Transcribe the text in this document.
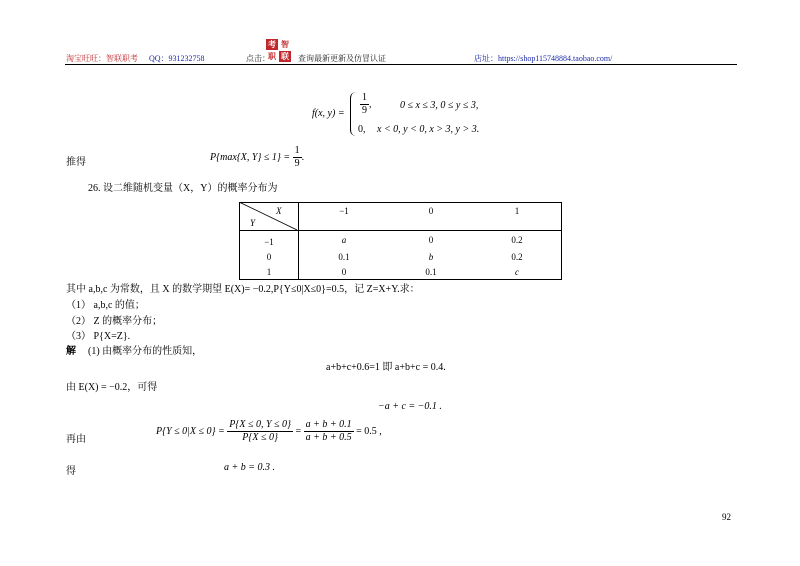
淘宝旺旺：智联职考 QQ：931232758	点击：
考 智
职 联 查询最新更新及仿冒认证	店址：https://shop115748884.taobao.com/
f(x, $y) = \frac{1}{9}$ ,	0 ≤ x ≤ 3, 0 ≤ y ≤ 3,
0, x < 0, y < 0, x > 3, y > 3.
推得	P{max{X, $Y\} \le 1\} = \frac{1}{9}$ .
26. 设二维随机变量（X，Y）的概率分布为
X
Y	−1	0	1
−1	a	0	0.2
0	0.1	b	0.2
1	0	0.1	c
其中 a,b,c 为常数，且 X 的数学期望 E(X)= −0.2,P{Y≤0|X≤0}=0.5，记 Z=X+Y.求：
（1） a,b,c 的值；
（2） Z 的概率分布；
（3） P{X=Z}.
解 (1) 由概率分布的性质知，
a+b+c+0.6=1 即 a+b+c = 0.4.
由 E(X) = −0.2，可得
−a + c = −0.1 .
再由
$P\{Y \le 0|X \le 0\} = \frac{P\{X \le 0, Y \le 0\}}{P\{X \le 0\}} = \frac{a + b + 0.1}{a + b + 0.5} = 0.5$ ,
得	a + b = 0.3 .
92
